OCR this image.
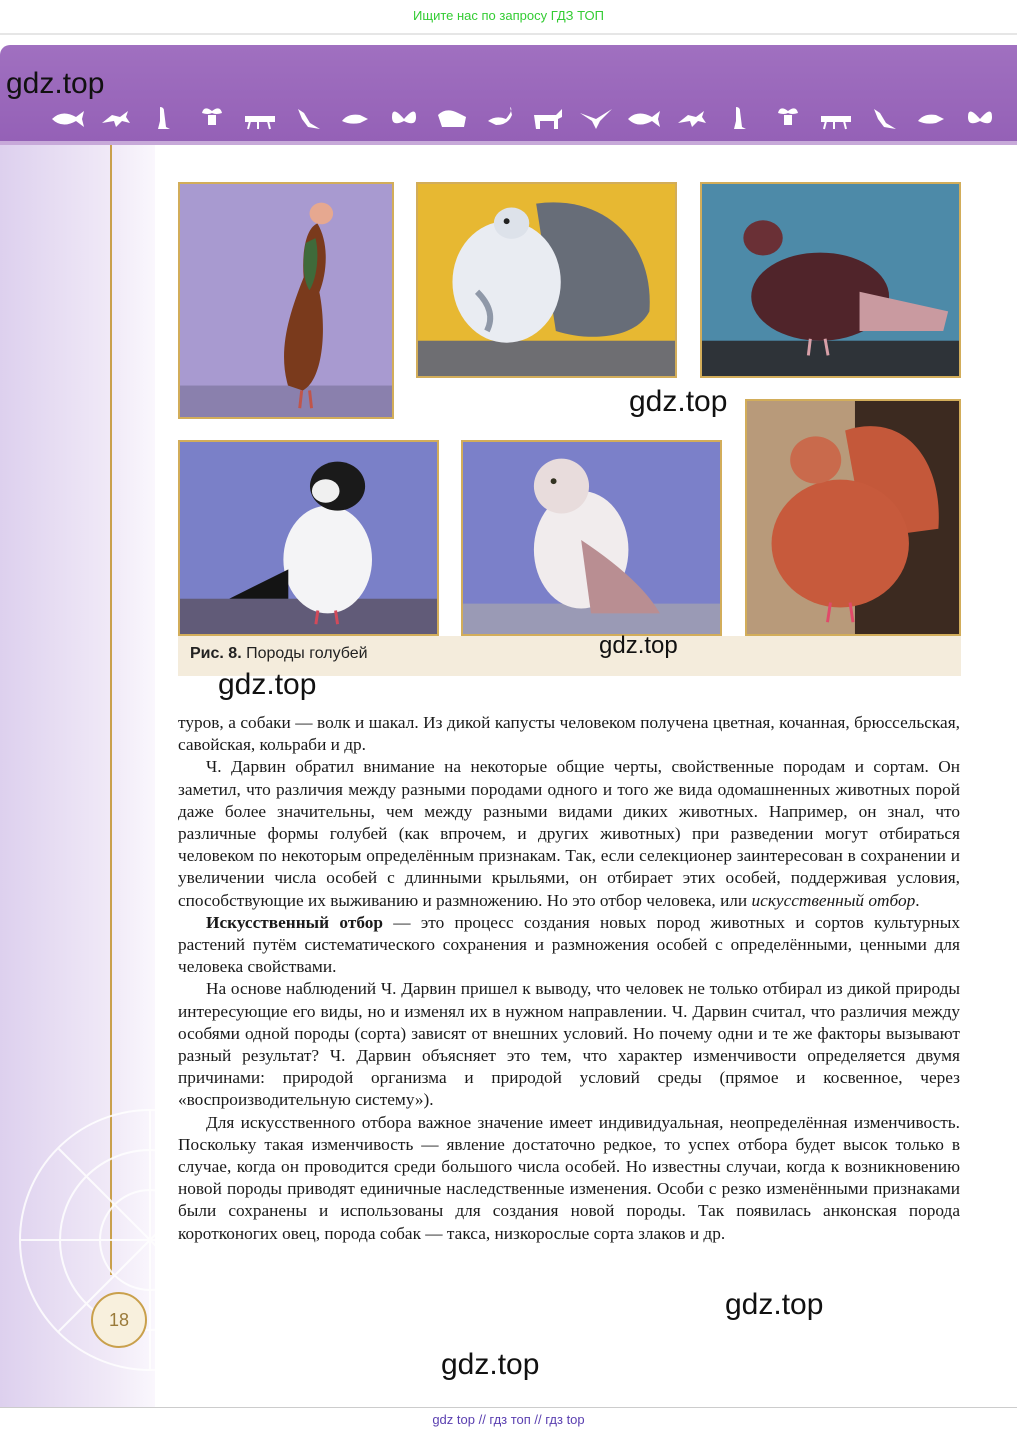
Ищите нас по запросу ГДЗ ТОП
gdz.top
18
gdz.top
Рис. 8. Породы голубей	gdz.top
gdz.top

туров, а собаки — волк и шакал. Из дикой капусты человеком получена цветная, кочанная, брюссельская, савойская, кольраби и др.

Ч. Дарвин обратил внимание на некоторые общие черты, свойственные породам и сортам. Он заметил, что различия между разными породами одного и того же вида одомашненных животных порой даже более значительны, чем между разными видами диких животных. Например, он знал, что различные формы голубей (как впрочем, и других животных) при разведении могут отбираться человеком по некоторым определённым признакам. Так, если селекционер заинтересован в сохранении и увеличении числа особей с длинными крыльями, он отбирает этих особей, поддерживая условия, способствующие их выживанию и размножению. Но это отбор человека, или искусственный отбор.

Искусственный отбор — это процесс создания новых пород животных и сортов культурных растений путём систематического сохранения и размножения особей с определёнными, ценными для человека свойствами.

На основе наблюдений Ч. Дарвин пришел к выводу, что человек не только отбирал из дикой природы интересующие его виды, но и изменял их в нужном направлении. Ч. Дарвин считал, что различия между особями одной породы (сорта) зависят от внешних условий. Но почему одни и те же факторы вызывают разный результат? Ч. Дарвин объясняет это тем, что характер изменчивости определяется двумя причинами: природой организма и природой условий среды (прямое и косвенное, через «воспроизводительную систему»).

Для искусственного отбора важное значение имеет индивидуальная, неопределённая изменчивость. Поскольку такая изменчивость — явление достаточно редкое, то успех отбора будет высок только в случае, когда он проводится среди большого числа особей. Но известны случаи, когда к возникновению новой породы приводят единичные наследственные изменения. Особи с резко изменёнными признаками были сохранены и использованы для создания новой породы. Так появилась анконская порода коротконогих овец, порода собак — такса, низкорослые сорта злаков и др.

gdz.top
gdz.top
gdz top // гдз топ // гдз top
